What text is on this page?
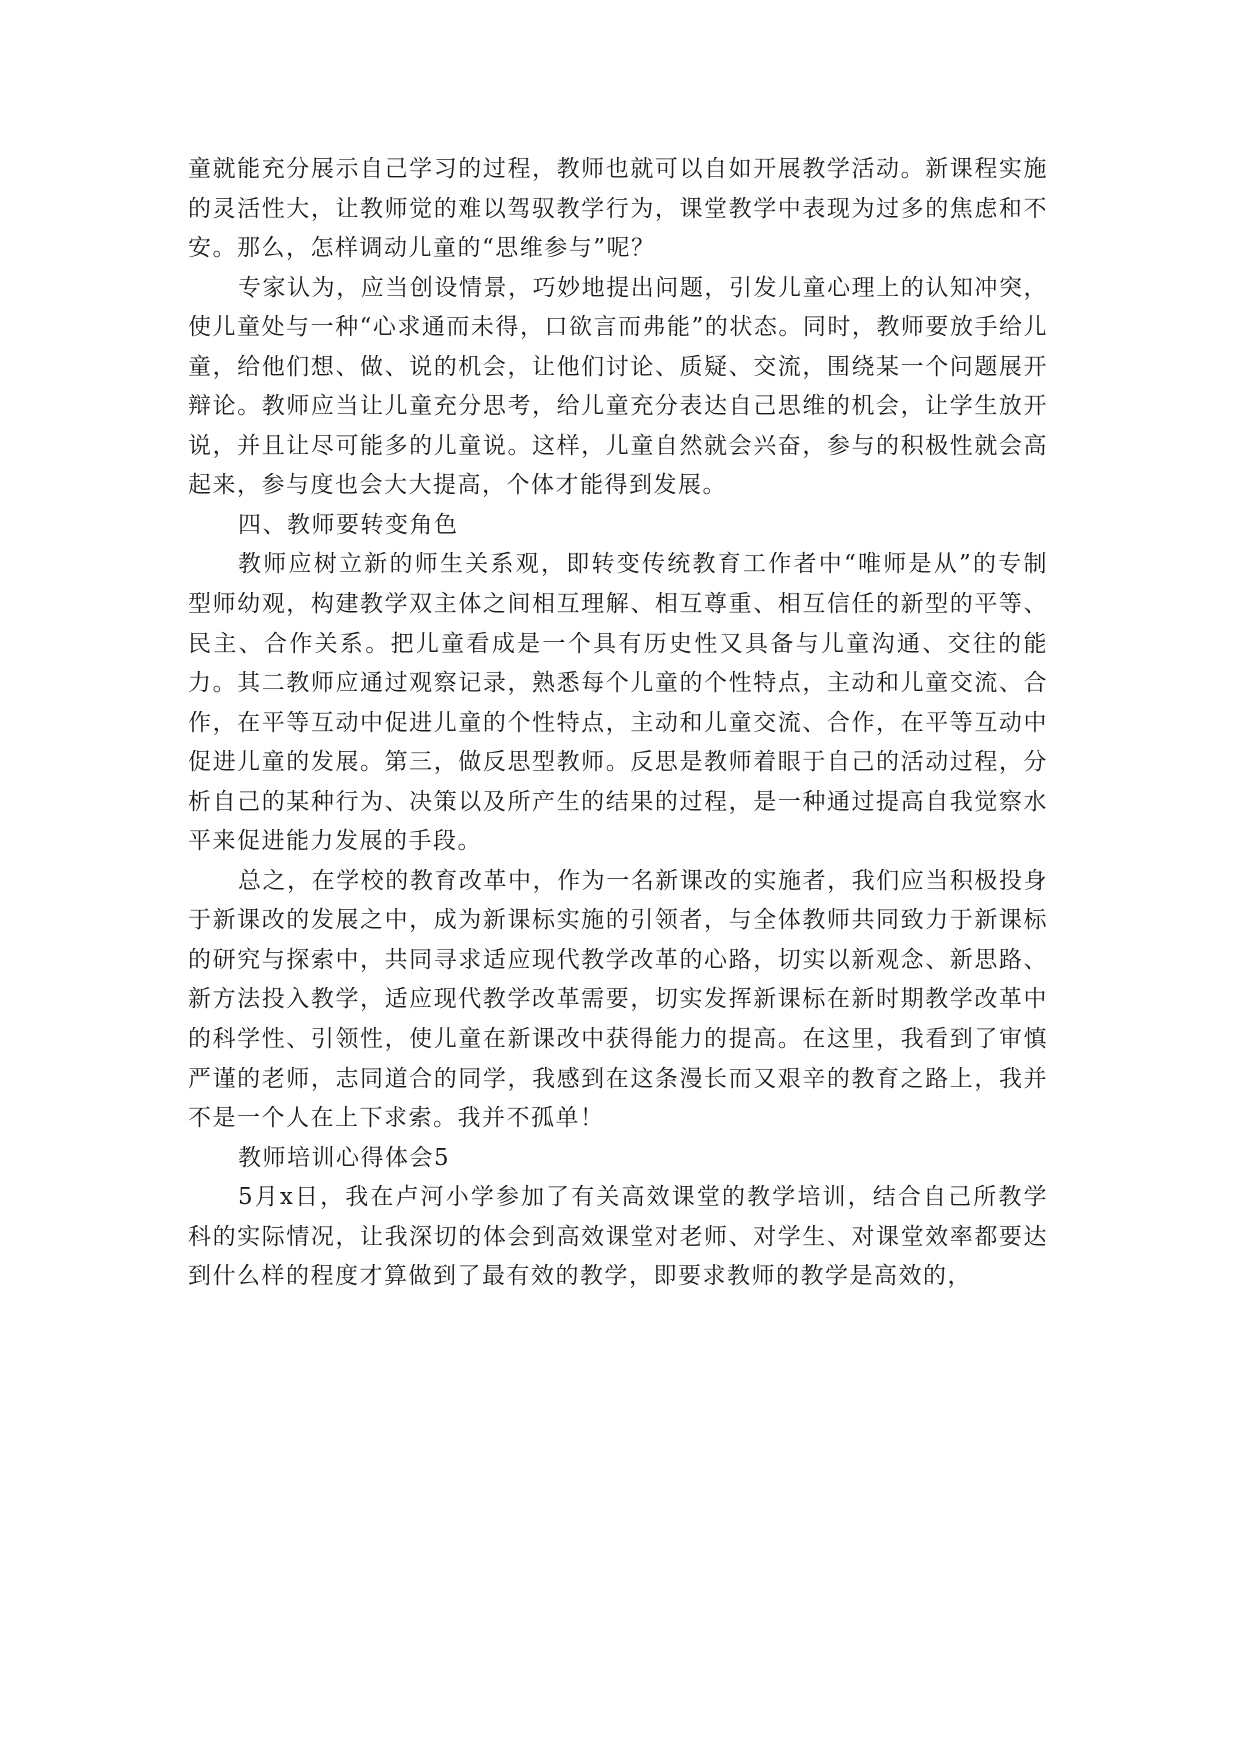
童就能充分展示自己学习的过程，教师也就可以自如开展教学活动。新课程实施的灵活性大，让教师觉的难以驾驭教学行为，课堂教学中表现为过多的焦虑和不安。那么，怎样调动儿童的“思维参与”呢？

专家认为，应当创设情景，巧妙地提出问题，引发儿童心理上的认知冲突，使儿童处与一种“心求通而未得，口欲言而弗能”的状态。同时，教师要放手给儿童，给他们想、做、说的机会，让他们讨论、质疑、交流，围绕某一个问题展开辩论。教师应当让儿童充分思考，给儿童充分表达自己思维的机会，让学生放开说，并且让尽可能多的儿童说。这样，儿童自然就会兴奋，参与的积极性就会高起来，参与度也会大大提高，个体才能得到发展。

四、教师要转变角色

教师应树立新的师生关系观，即转变传统教育工作者中“唯师是从”的专制型师幼观，构建教学双主体之间相互理解、相互尊重、相互信任的新型的平等、民主、合作关系。把儿童看成是一个具有历史性又具备与儿童沟通、交往的能力。其二教师应通过观察记录，熟悉每个儿童的个性特点，主动和儿童交流、合作，在平等互动中促进儿童的个性特点，主动和儿童交流、合作，在平等互动中促进儿童的发展。第三，做反思型教师。反思是教师着眼于自己的活动过程，分析自己的某种行为、决策以及所产生的结果的过程，是一种通过提高自我觉察水平来促进能力发展的手段。

总之，在学校的教育改革中，作为一名新课改的实施者，我们应当积极投身于新课改的发展之中，成为新课标实施的引领者，与全体教师共同致力于新课标的研究与探索中，共同寻求适应现代教学改革的心路，切实以新观念、新思路、新方法投入教学，适应现代教学改革需要，切实发挥新课标在新时期教学改革中的科学性、引领性，使儿童在新课改中获得能力的提高。在这里，我看到了审慎严谨的老师，志同道合的同学，我感到在这条漫长而又艰辛的教育之路上，我并不是一个人在上下求索。我并不孤单！

教师培训心得体会5

5月x日，我在卢河小学参加了有关高效课堂的教学培训，结合自己所教学科的实际情况，让我深切的体会到高效课堂对老师、对学生、对课堂效率都要达到什么样的程度才算做到了最有效的教学，即要求教师的教学是高效的，
